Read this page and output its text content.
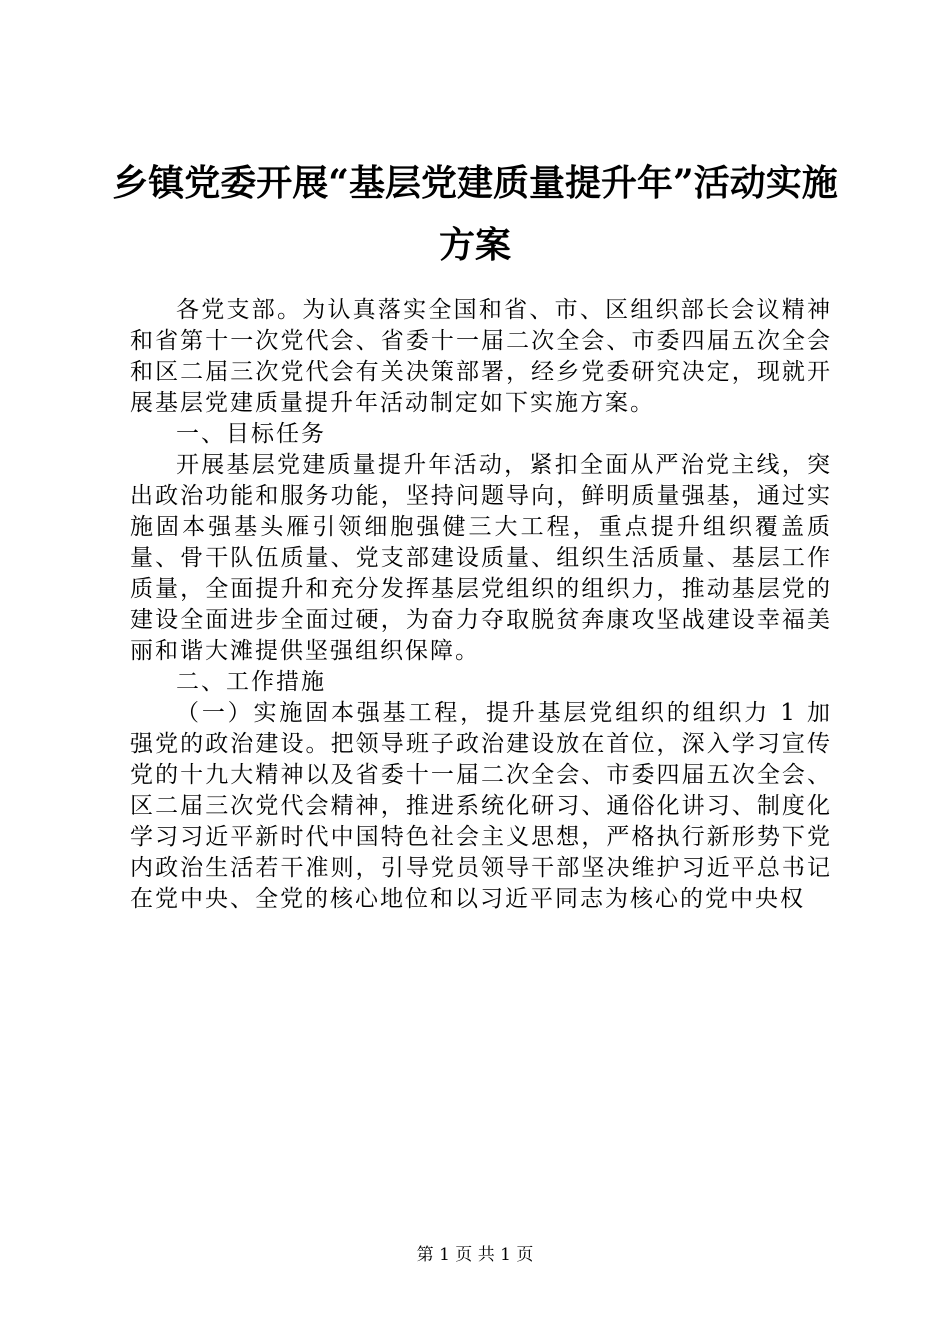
乡镇党委开展“基层党建质量提升年”活动实施方案

各党支部。为认真落实全国和省、市、区组织部长会议精神和省第十一次党代会、省委十一届二次全会、市委四届五次全会和区二届三次党代会有关决策部署，经乡党委研究决定，现就开展基层党建质量提升年活动制定如下实施方案。

一、目标任务

开展基层党建质量提升年活动，紧扣全面从严治党主线，突出政治功能和服务功能，坚持问题导向，鲜明质量强基，通过实施固本强基头雁引领细胞强健三大工程，重点提升组织覆盖质量、骨干队伍质量、党支部建设质量、组织生活质量、基层工作质量，全面提升和充分发挥基层党组织的组织力，推动基层党的建设全面进步全面过硬，为奋力夺取脱贫奔康攻坚战建设幸福美丽和谐大滩提供坚强组织保障。

二、工作措施

（一）实施固本强基工程，提升基层党组织的组织力 1 加强党的政治建设。把领导班子政治建设放在首位，深入学习宣传党的十九大精神以及省委十一届二次全会、市委四届五次全会、区二届三次党代会精神，推进系统化研习、通俗化讲习、制度化学习习近平新时代中国特色社会主义思想，严格执行新形势下党内政治生活若干准则，引导党员领导干部坚决维护习近平总书记在党中央、全党的核心地位和以习近平同志为核心的党中央权

第 1 页 共 1 页
